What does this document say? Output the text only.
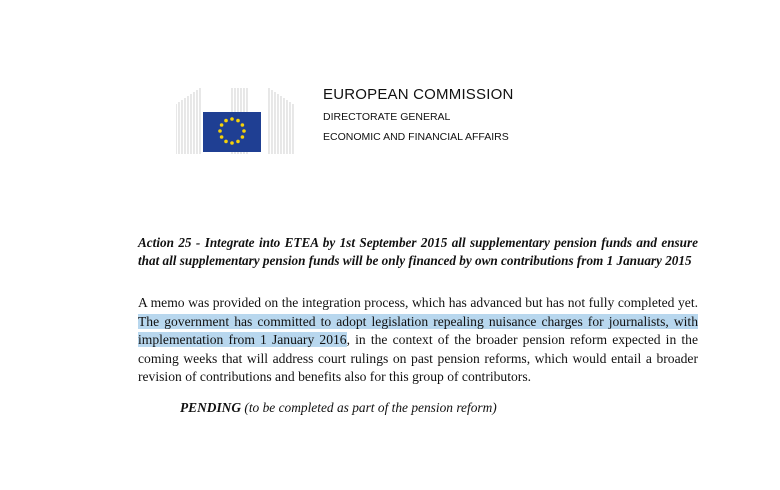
EUROPEAN COMMISSION
DIRECTORATE GENERAL
ECONOMIC AND FINANCIAL AFFAIRS
Action 25 - Integrate into ETEA by 1st September 2015 all supplementary pension funds and ensure that all supplementary pension funds will be only financed by own contributions from 1 January 2015
A memo was provided on the integration process, which has advanced but has not fully completed yet. The government has committed to adopt legislation repealing nuisance charges for journalists, with implementation from 1 January 2016, in the context of the broader pension reform expected in the coming weeks that will address court rulings on past pension reforms, which would entail a broader revision of contributions and benefits also for this group of contributors.
PENDING (to be completed as part of the pension reform)
